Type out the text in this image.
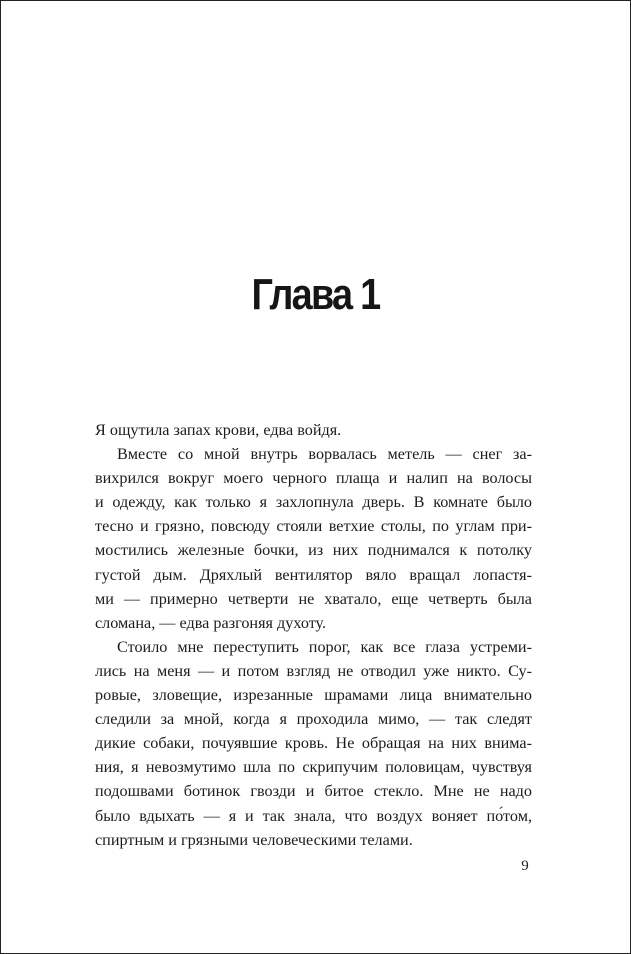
Глава 1
Я ощутила запах крови, едва войдя.
Вместе со мной внутрь ворвалась метель — снег за-
вихрился вокруг моего черного плаща и налип на волосы
и одежду, как только я захлопнула дверь. В комнате было
тесно и грязно, повсюду стояли ветхие столы, по углам при-
мостились железные бочки, из них поднимался к потолку
густой дым. Дряхлый вентилятор вяло вращал лопастя-
ми — примерно четверти не хватало, еще четверть была
сломана, — едва разгоняя духоту.
Стоило мне переступить порог, как все глаза устреми-
лись на меня — и потом взгляд не отводил уже никто. Су-
ровые, зловещие, изрезанные шрамами лица внимательно
следили за мной, когда я проходила мимо, — так следят
дикие собаки, почуявшие кровь. Не обращая на них внима-
ния, я невозмутимо шла по скрипучим половицам, чувствуя
подошвами ботинок гвозди и битое стекло. Мне не надо
было вдыхать — я и так знала, что воздух воняет по́том,
спиртным и грязными человеческими телами.
9
